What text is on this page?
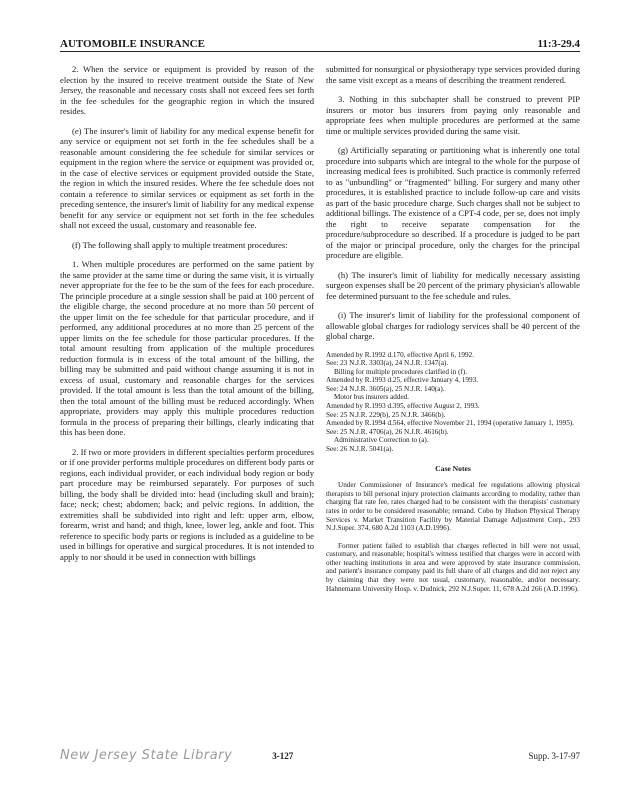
AUTOMOBILE INSURANCE	11:3-29.4

2. When the service or equipment is provided by reason of the election by the insured to receive treatment outside the State of New Jersey, the reasonable and necessary costs shall not exceed fees set forth in the fee schedules for the geographic region in which the insured resides.

(e) The insurer's limit of liability for any medical expense benefit for any service or equipment not set forth in the fee schedules shall be a reasonable amount considering the fee schedule for similar services or equipment in the region where the service or equipment was provided or, in the case of elective services or equipment provided outside the State, the region in which the insured resides. Where the fee schedule does not contain a reference to similar services or equipment as set forth in the preceding sentence, the insurer's limit of liability for any medical expense benefit for any service or equipment not set forth in the fee schedules shall not exceed the usual, customary and reasonable fee.

(f) The following shall apply to multiple treatment procedures:

1. When multiple procedures are performed on the same patient by the same provider at the same time or during the same visit, it is virtually never appropriate for the fee to be the sum of the fees for each procedure. The principle procedure at a single session shall be paid at 100 percent of the eligible charge, the second procedure at no more than 50 percent of the upper limit on the fee schedule for that particular procedure, and if performed, any additional procedures at no more than 25 percent of the upper limits on the fee schedule for those particular procedures. If the total amount resulting from application of the multiple procedures reduction formula is in excess of the total amount of the billing, the billing may be submitted and paid without change assuming it is not in excess of usual, customary and reasonable charges for the services provided. If the total amount is less than the total amount of the billing, then the total amount of the billing must be reduced accordingly. When appropriate, providers may apply this multiple procedures reduction formula in the process of preparing their billings, clearly indicating that this has been done.

2. If two or more providers in different specialties perform procedures or if one provider performs multiple procedures on different body parts or regions, each individual provider, or each individual body region or body part procedure may be reimbursed separately. For purposes of such billing, the body shall be divided into: head (including skull and brain); face; neck; chest; abdomen; back; and pelvic regions. In addition, the extremities shall be subdivided into right and left: upper arm, elbow, forearm, wrist and hand; and thigh, knee, lower leg, ankle and foot. This reference to specific body parts or regions is included as a guideline to be used in billings for operative and surgical procedures. It is not intended to apply to nor should it be used in connection with billings

submitted for nonsurgical or physiotherapy type services provided during the same visit except as a means of describing the treatment rendered.

3. Nothing in this subchapter shall be construed to prevent PIP insurers or motor bus insurers from paying only reasonable and appropriate fees when multiple procedures are performed at the same time or multiple services provided during the same visit.

(g) Artificially separating or partitioning what is inherently one total procedure into subparts which are integral to the whole for the purpose of increasing medical fees is prohibited. Such practice is commonly referred to as "unbundling" or "fragmented" billing. For surgery and many other procedures, it is established practice to include follow-up care and visits as part of the basic procedure charge. Such charges shall not be subject to additional billings. The existence of a CPT-4 code, per se, does not imply the right to receive separate compensation for the procedure/subprocedure so described. If a procedure is judged to be part of the major or principal procedure, only the charges for the principal procedure are eligible.

(h) The insurer's limit of liability for medically necessary assisting surgeon expenses shall be 20 percent of the primary physician's allowable fee determined pursuant to the fee schedule and rules.

(i) The insurer's limit of liability for the professional component of allowable global charges for radiology services shall be 40 percent of the global charge.

Amended by R.1992 d.170, effective April 6, 1992.
See: 23 N.J.R. 3303(a), 24 N.J.R. 1347(a).
Billing for multiple procedures clarified in (f).
Amended by R.1993 d.25, effective January 4, 1993.
See: 24 N.J.R. 3605(a), 25 N.J.R. 140(a).
Motor bus insurers added.
Amended by R.1993 d.395, effective August 2, 1993.
See: 25 N.J.R. 229(b), 25 N.J.R. 3466(b).
Amended by R.1994 d.564, effective November 21, 1994 (operative January 1, 1995).
See: 25 N.J.R. 4706(a), 26 N.J.R. 4616(b).
Administrative Correction to (a).
See: 26 N.J.R. 5041(a).
Case Notes

Under Commissioner of Insurance's medical fee regulations allowing physical therapists to bill personal injury protection claimants according to modality, rather than charging flat rate fee, rates charged had to be consistent with the therapists' customary rates in order to be considered reasonable; remand. Cobo by Hudson Physical Therapy Services v. Market Transition Facility by Material Damage Adjustment Corp., 293 N.J.Super. 374, 680 A.2d 1103 (A.D.1996).

Former patient failed to establish that charges reflected in bill were not usual, customary, and reasonable; hospital's witness testified that charges were in accord with other teaching institutions in area and were approved by state insurance commission, and patient's insurance company paid its full share of all charges and did not reject any by claiming that they were not usual, customary, reasonable, and/or necessary. Hahnemann University Hosp. v. Dudnick, 292 N.J.Super. 11, 678 A.2d 266 (A.D.1996).

New Jersey State Library	3-127	Supp. 3-17-97
